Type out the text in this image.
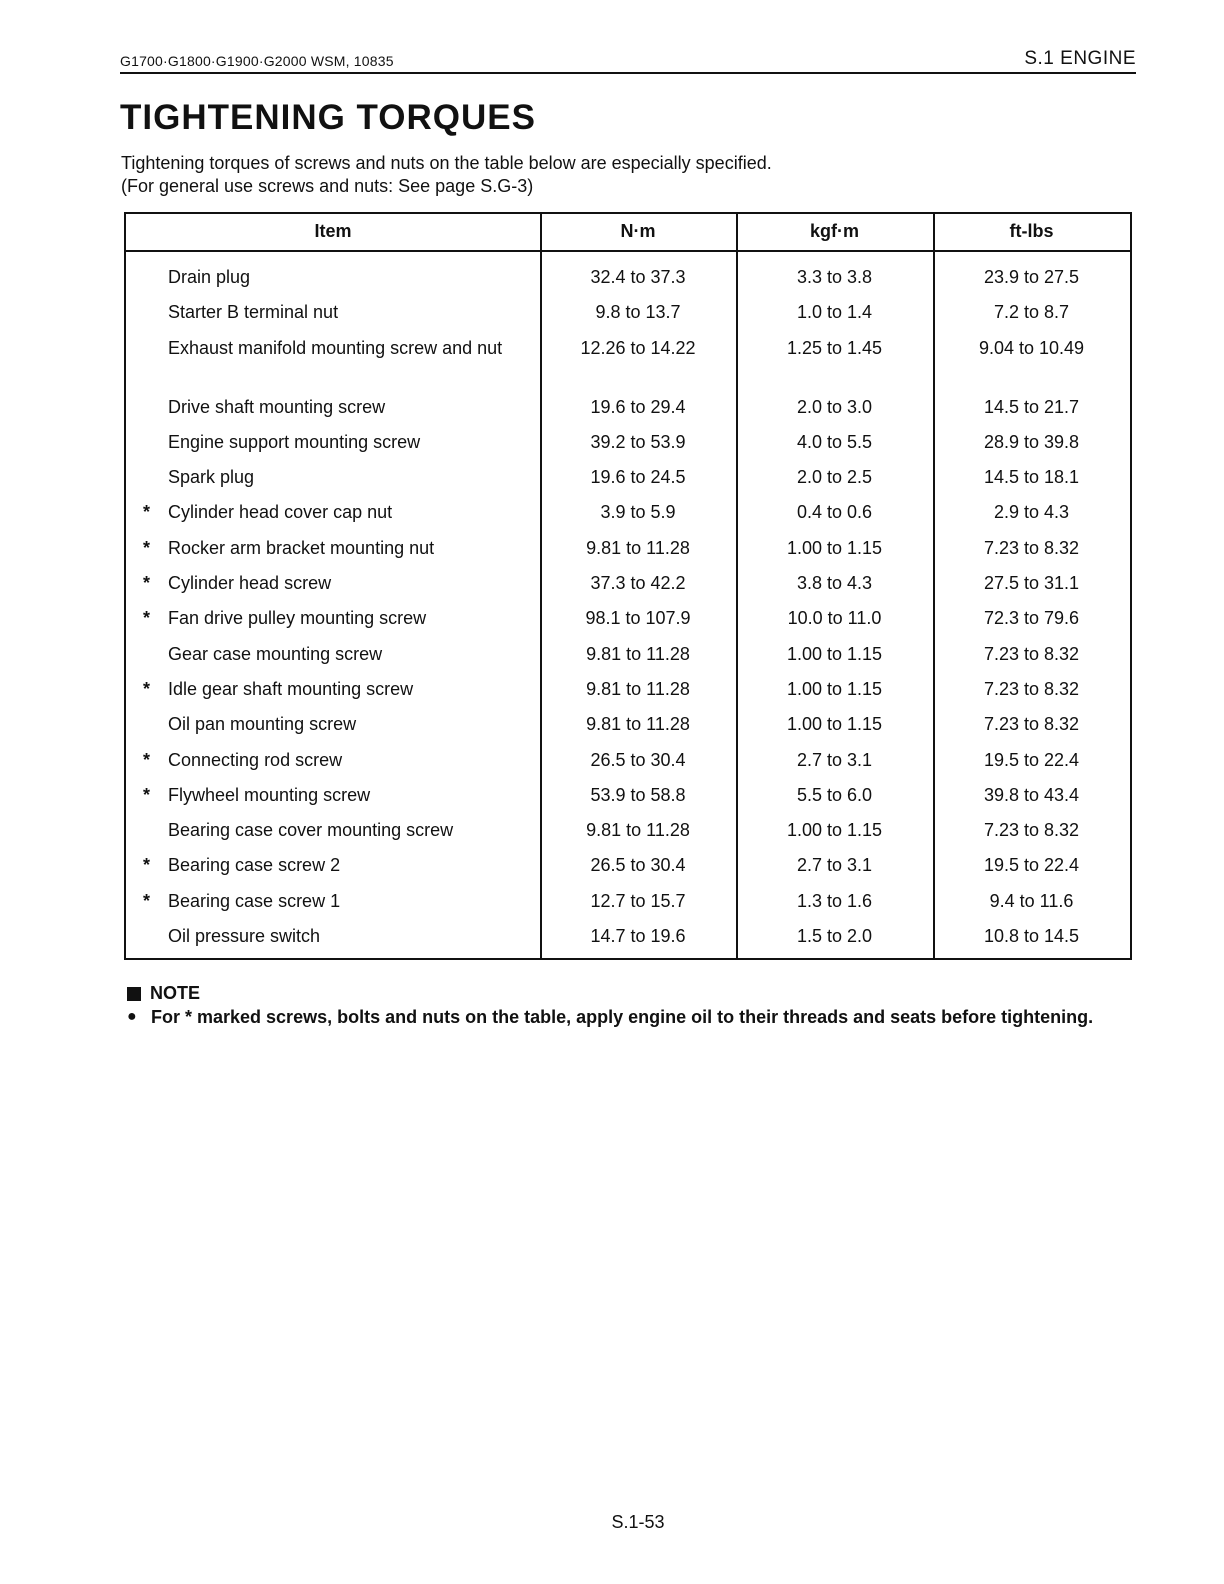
G1700·G1800·G1900·G2000 WSM, 10835	S.1 ENGINE
TIGHTENING TORQUES
Tightening torques of screws and nuts on the table below are especially specified.
(For general use screws and nuts: See page S.G-3)
Item	N·m	kgf·m	ft-lbs
Drain plug	32.4 to 37.3	3.3 to 3.8	23.9 to 27.5
Starter B terminal nut	9.8 to 13.7	1.0 to 1.4	7.2 to 8.7
Exhaust manifold mounting screw and nut	12.26 to 14.22	1.25 to 1.45	9.04 to 10.49
Drive shaft mounting screw	19.6 to 29.4	2.0 to 3.0	14.5 to 21.7
Engine support mounting screw	39.2 to 53.9	4.0 to 5.5	28.9 to 39.8
Spark plug	19.6 to 24.5	2.0 to 2.5	14.5 to 18.1
* Cylinder head cover cap nut	3.9 to 5.9	0.4 to 0.6	2.9 to 4.3
* Rocker arm bracket mounting nut	9.81 to 11.28	1.00 to 1.15	7.23 to 8.32
* Cylinder head screw	37.3 to 42.2	3.8 to 4.3	27.5 to 31.1
* Fan drive pulley mounting screw	98.1 to 107.9	10.0 to 11.0	72.3 to 79.6
Gear case mounting screw	9.81 to 11.28	1.00 to 1.15	7.23 to 8.32
* Idle gear shaft mounting screw	9.81 to 11.28	1.00 to 1.15	7.23 to 8.32
Oil pan mounting screw	9.81 to 11.28	1.00 to 1.15	7.23 to 8.32
* Connecting rod screw	26.5 to 30.4	2.7 to 3.1	19.5 to 22.4
* Flywheel mounting screw	53.9 to 58.8	5.5 to 6.0	39.8 to 43.4
Bearing case cover mounting screw	9.81 to 11.28	1.00 to 1.15	7.23 to 8.32
* Bearing case screw 2	26.5 to 30.4	2.7 to 3.1	19.5 to 22.4
* Bearing case screw 1	12.7 to 15.7	1.3 to 1.6	9.4 to 11.6
Oil pressure switch	14.7 to 19.6	1.5 to 2.0	10.8 to 14.5
NOTE
● For * marked screws, bolts and nuts on the table, apply engine oil to their threads and seats before tightening.
S.1-53
